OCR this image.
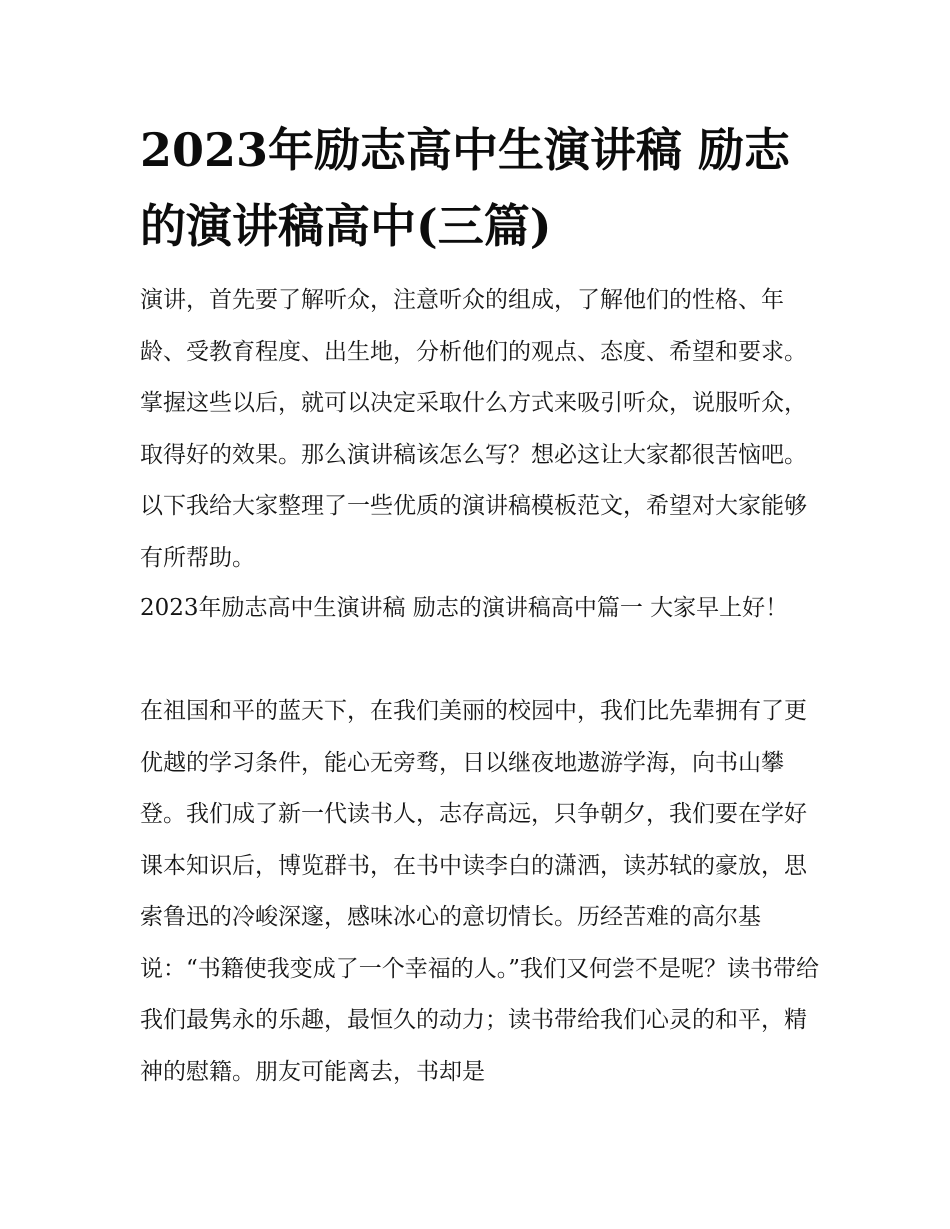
2023年励志高中生演讲稿 励志的演讲稿高中(三篇)

演讲，首先要了解听众，注意听众的组成，了解他们的性格、年龄、受教育程度、出生地，分析他们的观点、态度、希望和要求。掌握这些以后，就可以决定采取什么方式来吸引听众，说服听众，取得好的效果。那么演讲稿该怎么写？想必这让大家都很苦恼吧。以下我给大家整理了一些优质的演讲稿模板范文，希望对大家能够有所帮助。

2023年励志高中生演讲稿 励志的演讲稿高中篇一 大家早上好！

在祖国和平的蓝天下，在我们美丽的校园中，我们比先辈拥有了更优越的学习条件，能心无旁骛，日以继夜地遨游学海，向书山攀登。我们成了新一代读书人，志存高远，只争朝夕，我们要在学好课本知识后，博览群书，在书中读李白的潇洒，读苏轼的豪放，思索鲁迅的冷峻深邃，感味冰心的意切情长。历经苦难的高尔基说：“书籍使我变成了一个幸福的人。”我们又何尝不是呢？读书带给我们最隽永的乐趣，最恒久的动力；读书带给我们心灵的和平，精神的慰籍。朋友可能离去，书却是
